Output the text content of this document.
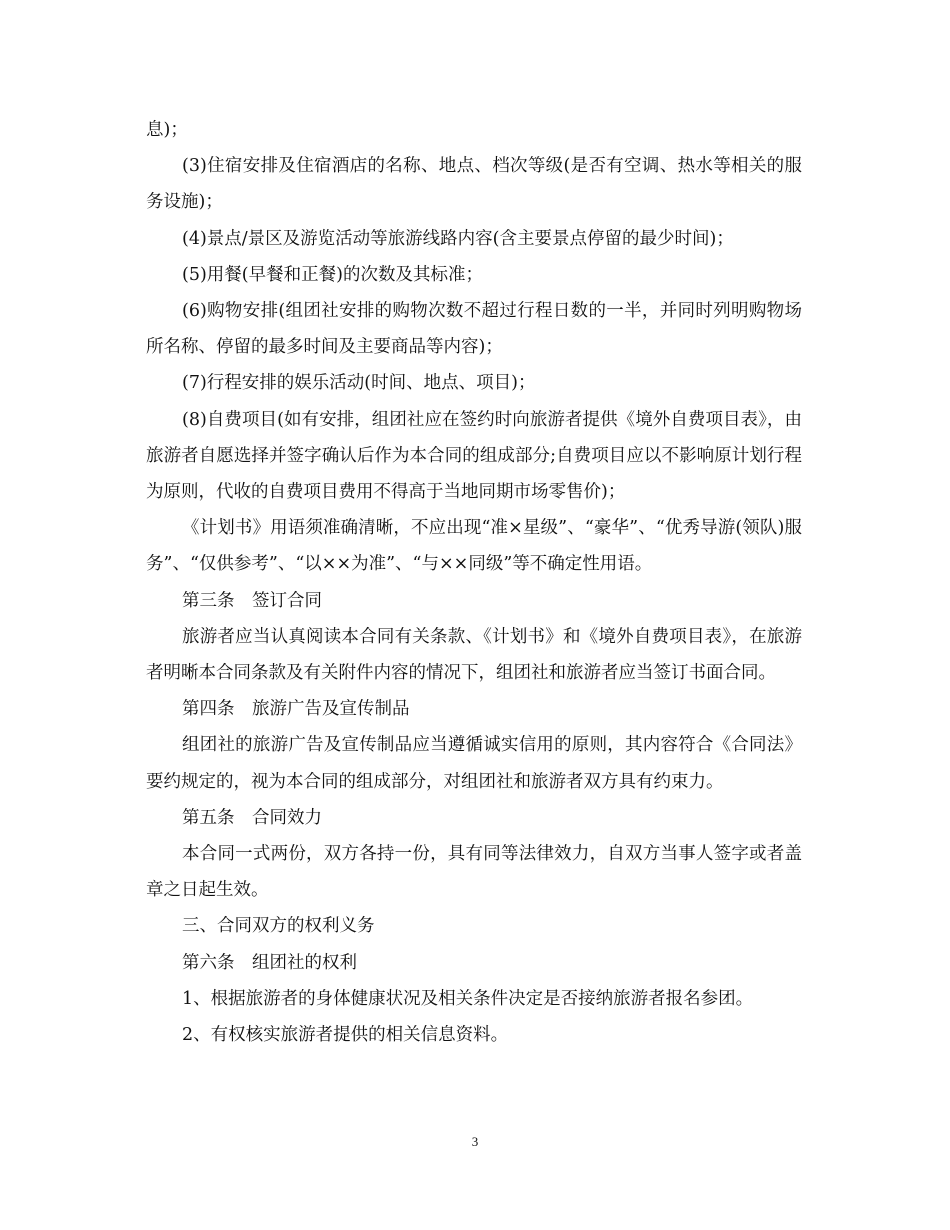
息)；

(3)住宿安排及住宿酒店的名称、地点、档次等级(是否有空调、热水等相关的服务设施)；

(4)景点/景区及游览活动等旅游线路内容(含主要景点停留的最少时间)；

(5)用餐(早餐和正餐)的次数及其标准；

(6)购物安排(组团社安排的购物次数不超过行程日数的一半，并同时列明购物场所名称、停留的最多时间及主要商品等内容)；

(7)行程安排的娱乐活动(时间、地点、项目)；

(8)自费项目(如有安排，组团社应在签约时向旅游者提供《境外自费项目表》，由旅游者自愿选择并签字确认后作为本合同的组成部分;自费项目应以不影响原计划行程为原则，代收的自费项目费用不得高于当地同期市场零售价)；

《计划书》用语须准确清晰，不应出现“准×星级”、“豪华”、“优秀导游(领队)服务”、“仅供参考”、“以××为准”、“与××同级”等不确定性用语。

第三条　签订合同

旅游者应当认真阅读本合同有关条款、《计划书》和《境外自费项目表》，在旅游者明晰本合同条款及有关附件内容的情况下，组团社和旅游者应当签订书面合同。

第四条　旅游广告及宣传制品

组团社的旅游广告及宣传制品应当遵循诚实信用的原则，其内容符合《合同法》要约规定的，视为本合同的组成部分，对组团社和旅游者双方具有约束力。

第五条　合同效力

本合同一式两份，双方各持一份，具有同等法律效力，自双方当事人签字或者盖章之日起生效。

三、合同双方的权利义务

第六条　组团社的权利

1、根据旅游者的身体健康状况及相关条件决定是否接纳旅游者报名参团。

2、有权核实旅游者提供的相关信息资料。

3
